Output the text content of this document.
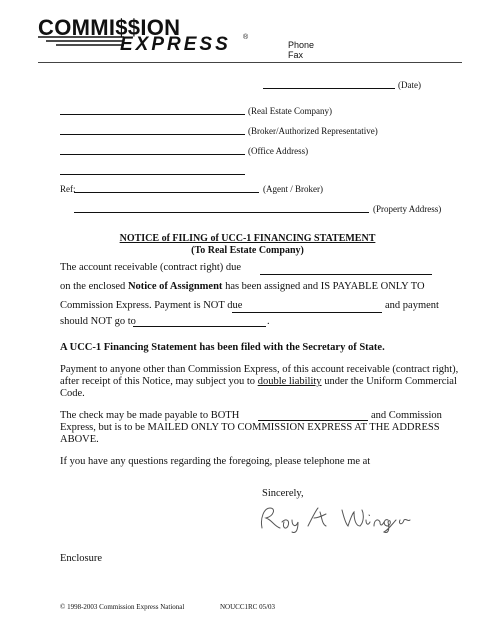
COMMI$$ION
EXPRESS ®
Phone
Fax
(Date)
(Real Estate Company)
(Broker/Authorized Representative)
(Office Address)
Ref:	(Agent / Broker)
(Property Address)
NOTICE of FILING of UCC-1 FINANCING STATEMENT
(To Real Estate Company)
The account receivable (contract right) due
on the enclosed Notice of Assignment has been assigned and IS PAYABLE ONLY TO
Commission Express. Payment is NOT due	and payment
should NOT go to	.
A UCC-1 Financing Statement has been filed with the Secretary of State.
Payment to anyone other than Commission Express, of this account receivable (contract right),
after receipt of this Notice, may subject you to double liability under the Uniform Commercial
Code.
The check may be made payable to BOTH	and Commission
Express, but is to be MAILED ONLY TO COMMISSION EXPRESS AT THE ADDRESS
ABOVE.
If you have any questions regarding the foregoing, please telephone me at
Sincerely,
Enclosure
© 1998-2003 Commission Express National	NOUCC1RC 05/03
